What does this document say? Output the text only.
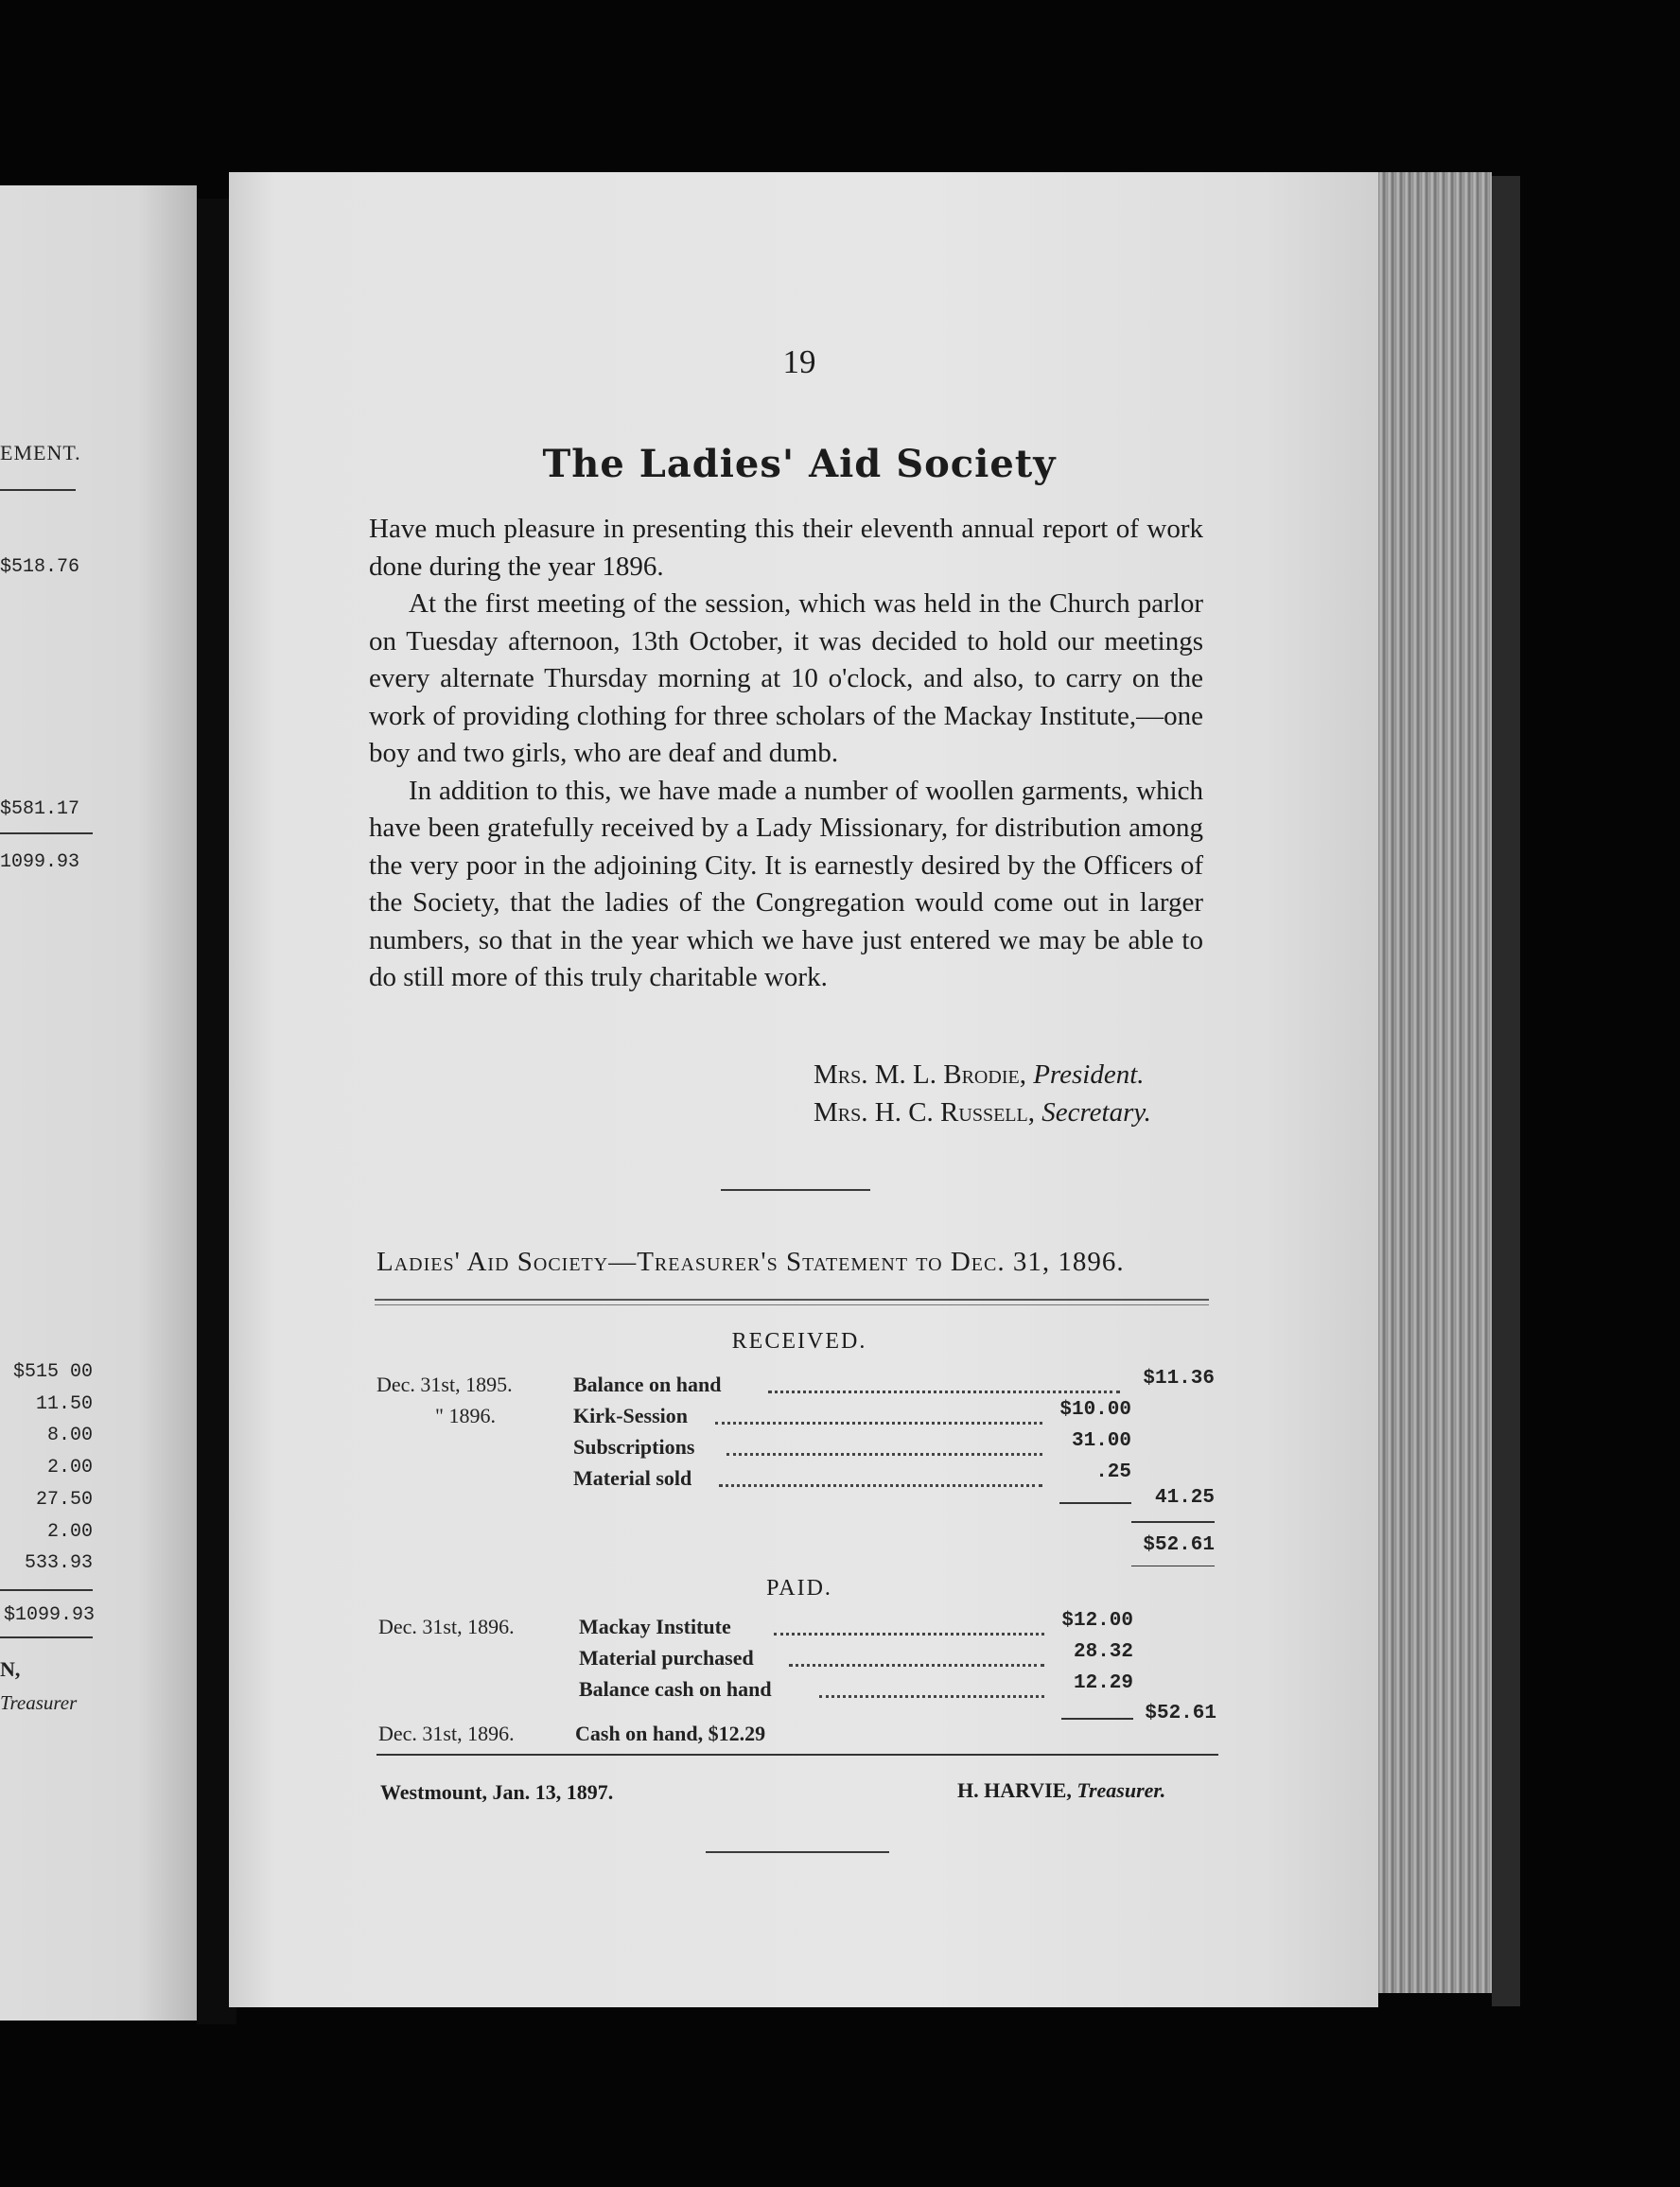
EMENT.
$518.76
$581.17
1099.93
$515 00
11.50
8.00
2.00
27.50
2.00
533.93
$1099.93
N,
Treasurer
19
The Ladies' Aid Society

Have much pleasure in presenting this their eleventh annual report of work done during the year 1896.

At the first meeting of the session, which was held in the Church parlor on Tuesday afternoon, 13th October, it was decided to hold our meetings every alternate Thursday morning at 10 o'clock, and also, to carry on the work of providing clothing for three scholars of the Mackay Institute,—one boy and two girls, who are deaf and dumb.

In addition to this, we have made a number of woollen garments, which have been gratefully received by a Lady Missionary, for distribution among the very poor in the adjoining City. It is earnestly desired by the Officers of the Society, that the ladies of the Congregation would come out in larger numbers, so that in the year which we have just entered we may be able to do still more of this truly charitable work.

Mrs. M. L. Brodie, President.
Mrs. H. C. Russell, Secretary.
Ladies' Aid Society—Treasurer's Statement to Dec. 31, 1896.
RECEIVED.
Dec. 31st, 1895.	Balance on hand	$11.36
" 1896.	Kirk-Session	$10.00
Subscriptions	31.00
Material sold	.25
41.25
$52.61
PAID.
Dec. 31st, 1896.	Mackay Institute	$12.00
Material purchased	28.32
Balance cash on hand	12.29
$52.61
Dec. 31st, 1896.	Cash on hand, $12.29
Westmount, Jan. 13, 1897.	H. HARVIE, Treasurer.
